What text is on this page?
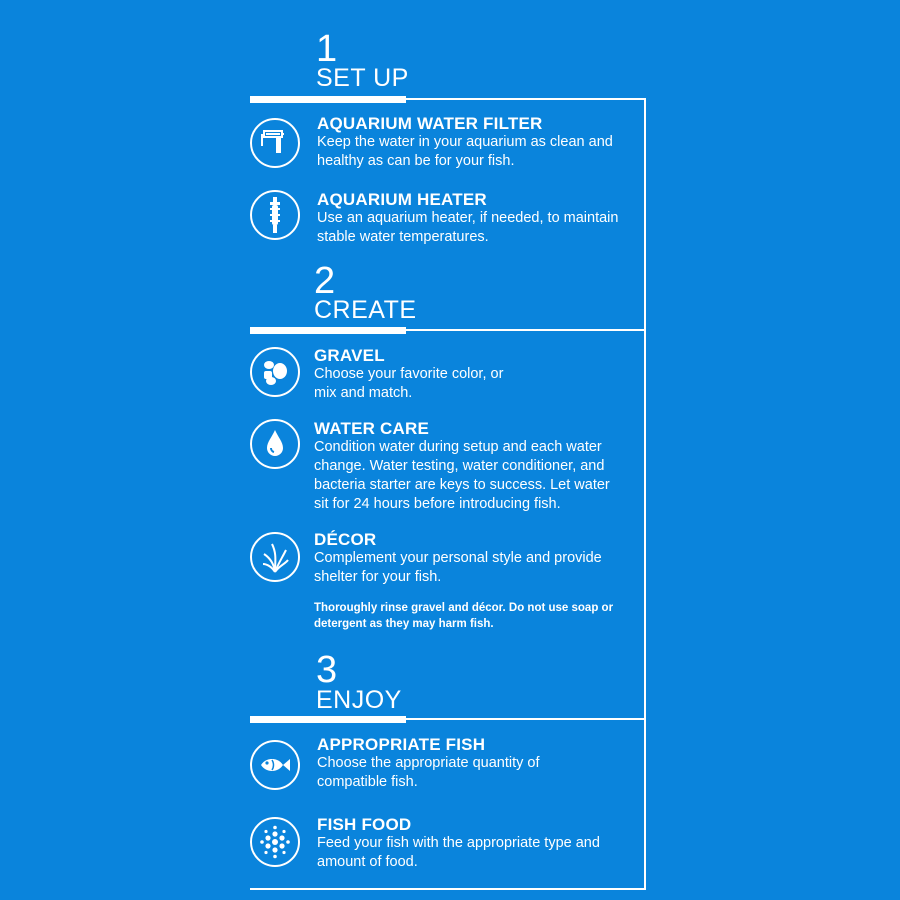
1
SET UP
AQUARIUM WATER FILTER
Keep the water in your aquarium as clean and healthy as can be for your fish.
AQUARIUM HEATER
Use an aquarium heater, if needed, to maintain stable water temperatures.
2
CREATE
GRAVEL
Choose your favorite color, or mix and match.
WATER CARE
Condition water during setup and each water change. Water testing, water conditioner, and bacteria starter are keys to success. Let water sit for 24 hours before introducing fish.
DÉCOR
Complement your personal style and provide shelter for your fish.
Thoroughly rinse gravel and décor. Do not use soap or detergent as they may harm fish.
3
ENJOY
APPROPRIATE FISH
Choose the appropriate quantity of compatible fish.
FISH FOOD
Feed your fish with the appropriate type and amount of food.
